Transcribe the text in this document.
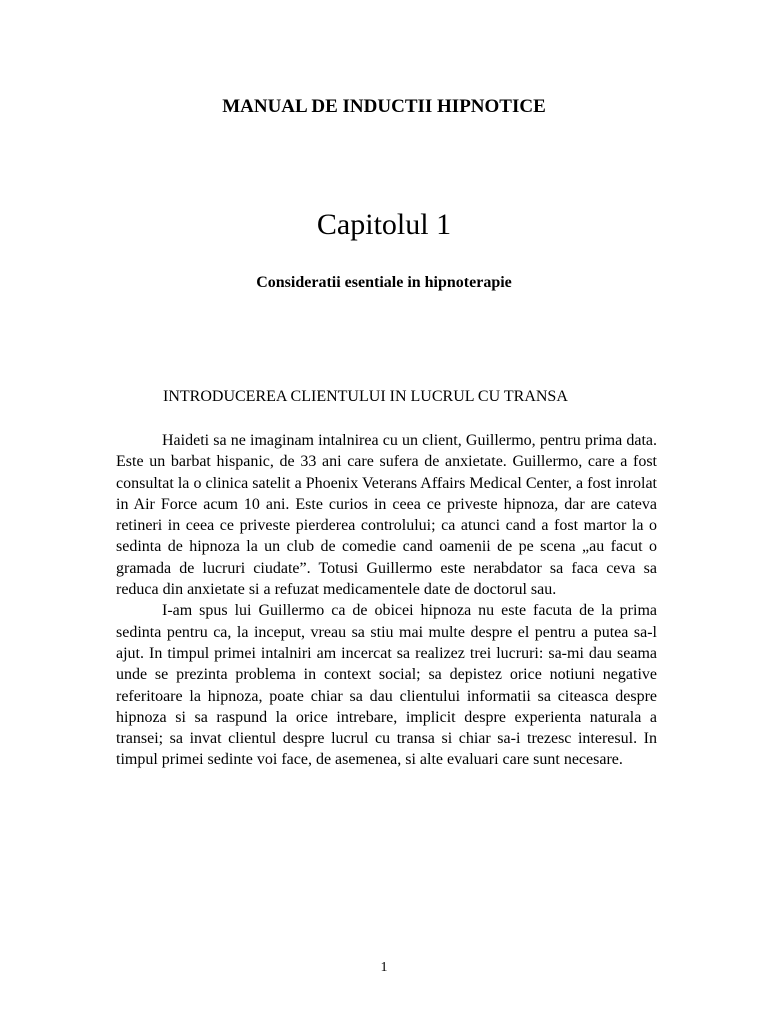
MANUAL DE INDUCTII HIPNOTICE
Capitolul 1
Consideratii esentiale in hipnoterapie
INTRODUCEREA CLIENTULUI IN LUCRUL CU TRANSA

Haideti sa ne imaginam intalnirea cu un client, Guillermo, pentru prima data. Este un barbat hispanic, de 33 ani care sufera de anxietate. Guillermo, care a fost consultat la o clinica satelit a Phoenix Veterans Affairs Medical Center, a fost inrolat in Air Force acum 10 ani. Este curios in ceea ce priveste hipnoza, dar are cateva retineri in ceea ce priveste pierderea controlului; ca atunci cand a fost martor la o sedinta de hipnoza la un club de comedie cand oamenii de pe scena „au facut o gramada de lucruri ciudate”. Totusi Guillermo este nerabdator sa faca ceva sa reduca din anxietate si a refuzat medicamentele date de doctorul sau.

I-am spus lui Guillermo ca de obicei hipnoza nu este facuta de la prima sedinta pentru ca, la inceput, vreau sa stiu mai multe despre el pentru a putea sa-l ajut. In timpul primei intalniri am incercat sa realizez trei lucruri: sa-mi dau seama unde se prezinta problema in context social; sa depistez orice notiuni negative referitoare la hipnoza, poate chiar sa dau clientului informatii sa citeasca despre hipnoza si sa raspund la orice intrebare, implicit despre experienta naturala a transei; sa invat clientul despre lucrul cu transa si chiar sa-i trezesc interesul. In timpul primei sedinte voi face, de asemenea, si alte evaluari care sunt necesare.

1
